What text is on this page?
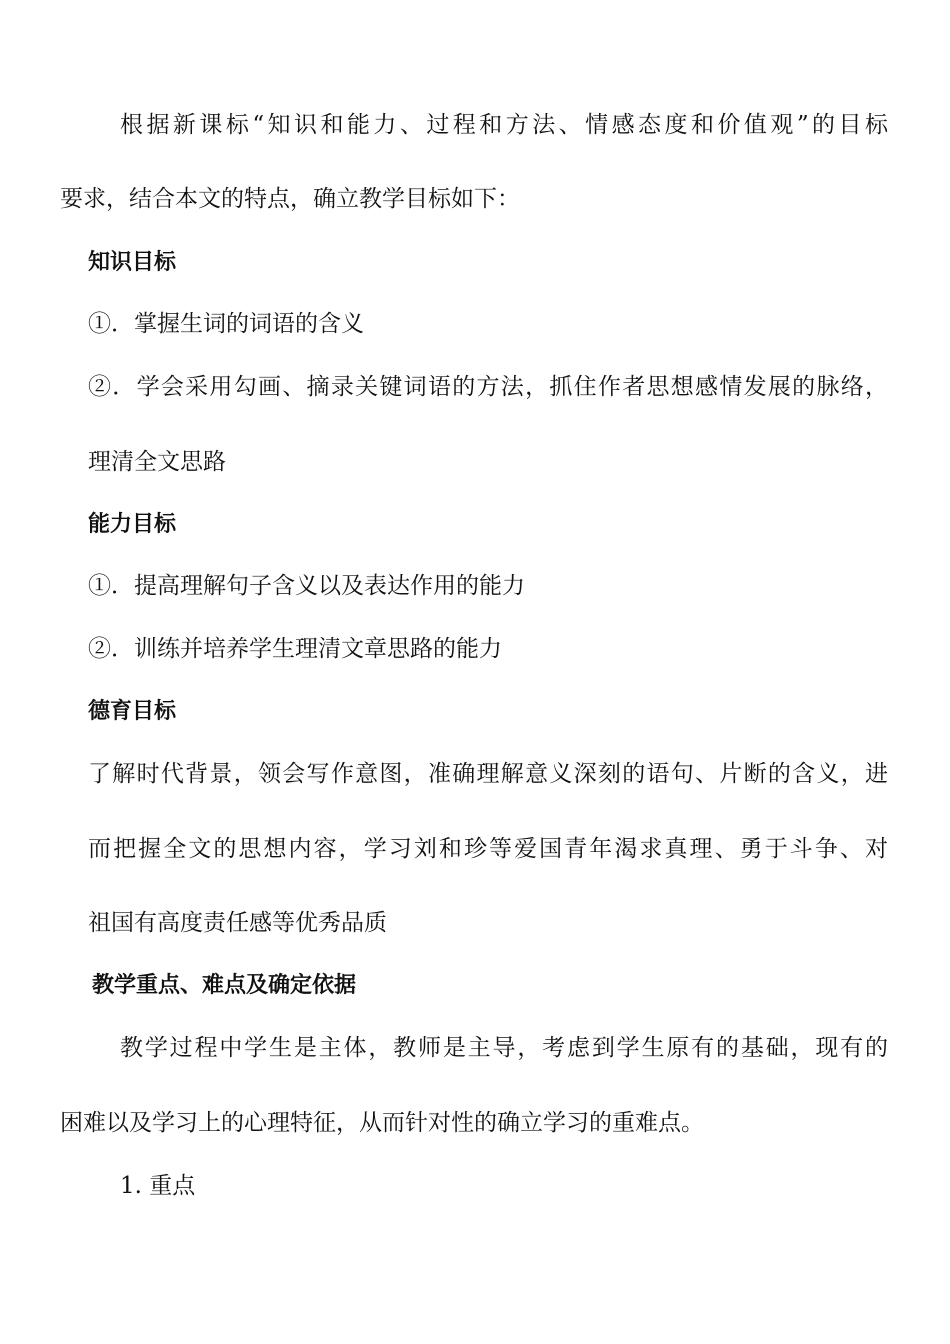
根据新课标“知识和能力、过程和方法、情感态度和价值观”的目标

要求，结合本文的特点，确立教学目标如下：

知识目标

①．掌握生词的词语的含义

②．学会采用勾画、摘录关键词语的方法，抓住作者思想感情发展的脉络，

理清全文思路

能力目标

①．提高理解句子含义以及表达作用的能力

②．训练并培养学生理清文章思路的能力

德育目标

了解时代背景，领会写作意图，准确理解意义深刻的语句、片断的含义，进

而把握全文的思想内容，学习刘和珍等爱国青年渴求真理、勇于斗争、对

祖国有高度责任感等优秀品质

教学重点、难点及确定依据

教学过程中学生是主体，教师是主导，考虑到学生原有的基础，现有的

困难以及学习上的心理特征，从而针对性的确立学习的重难点。

1. 重点
